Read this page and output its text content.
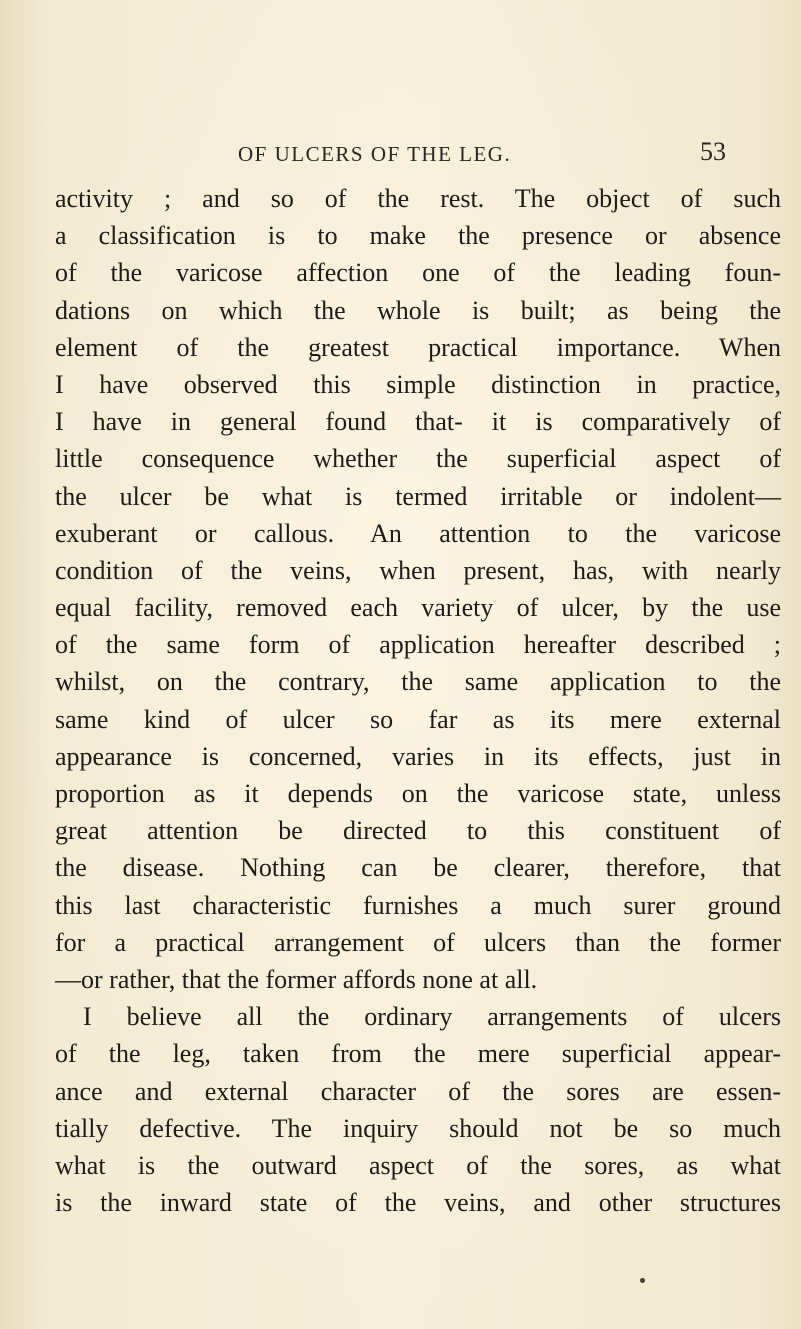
OF ULCERS OF THE LEG.	53
activity ; and so of the rest. The object of such
a classification is to make the presence or absence
of the varicose affection one of the leading foun-
dations on which the whole is built; as being the
element of the greatest practical importance. When
I have observed this simple distinction in practice,
I have in general found that- it is comparatively of
little consequence whether the superficial aspect of
the ulcer be what is termed irritable or indolent—
exuberant or callous. An attention to the varicose
condition of the veins, when present, has, with nearly
equal facility, removed each variety of ulcer, by the use
of the same form of application hereafter described ;
whilst, on the contrary, the same application to the
same kind of ulcer so far as its mere external
appearance is concerned, varies in its effects, just in
proportion as it depends on the varicose state, unless
great attention be directed to this constituent of
the disease. Nothing can be clearer, therefore, that
this last characteristic furnishes a much surer ground
for a practical arrangement of ulcers than the former
—or rather, that the former affords none at all.
I believe all the ordinary arrangements of ulcers
of the leg, taken from the mere superficial appear-
ance and external character of the sores are essen-
tially defective. The inquiry should not be so much
what is the outward aspect of the sores, as what
is the inward state of the veins, and other structures
